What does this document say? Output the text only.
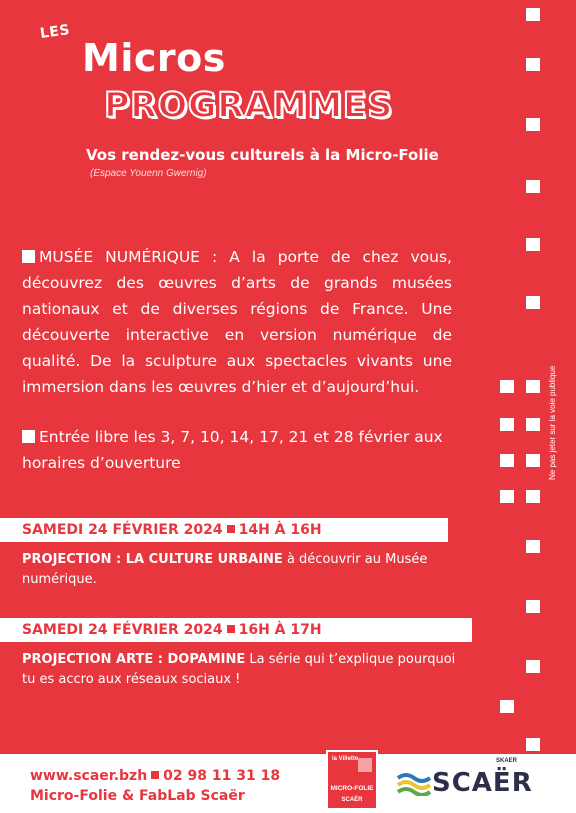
LES
Micros
PROGRAMMES
Vos rendez-vous culturels à la Micro-Folie
(Espace Youenn Gwernig)
Ne pas jeter sur la voie publique
MUSÉE NUMÉRIQUE : A la porte de chez vous, découvrez des œuvres d’arts de grands musées nationaux et de diverses régions de France. Une découverte interactive en version numérique de qualité. De la sculpture aux spectacles vivants une immersion dans les œuvres d’hier et d’aujourd’hui.
Entrée libre les 3, 7, 10, 14, 17, 21 et 28 février aux horaires d’ouverture
SAMEDI 24 FÉVRIER 2024 14H À 16H
PROJECTION : LA CULTURE URBAINE à découvrir au Musée numérique.
SAMEDI 24 FÉVRIER 2024 16H À 17H
PROJECTION ARTE : DOPAMINE La série qui t’explique pourquoi tu es accro aux réseaux sociaux !
www.scaer.bzh 02 98 11 31 18
Micro-Folie & FabLab Scaër
la Villette
MICRO-FOLIE
SCAËR
SCAËR
SKAER
